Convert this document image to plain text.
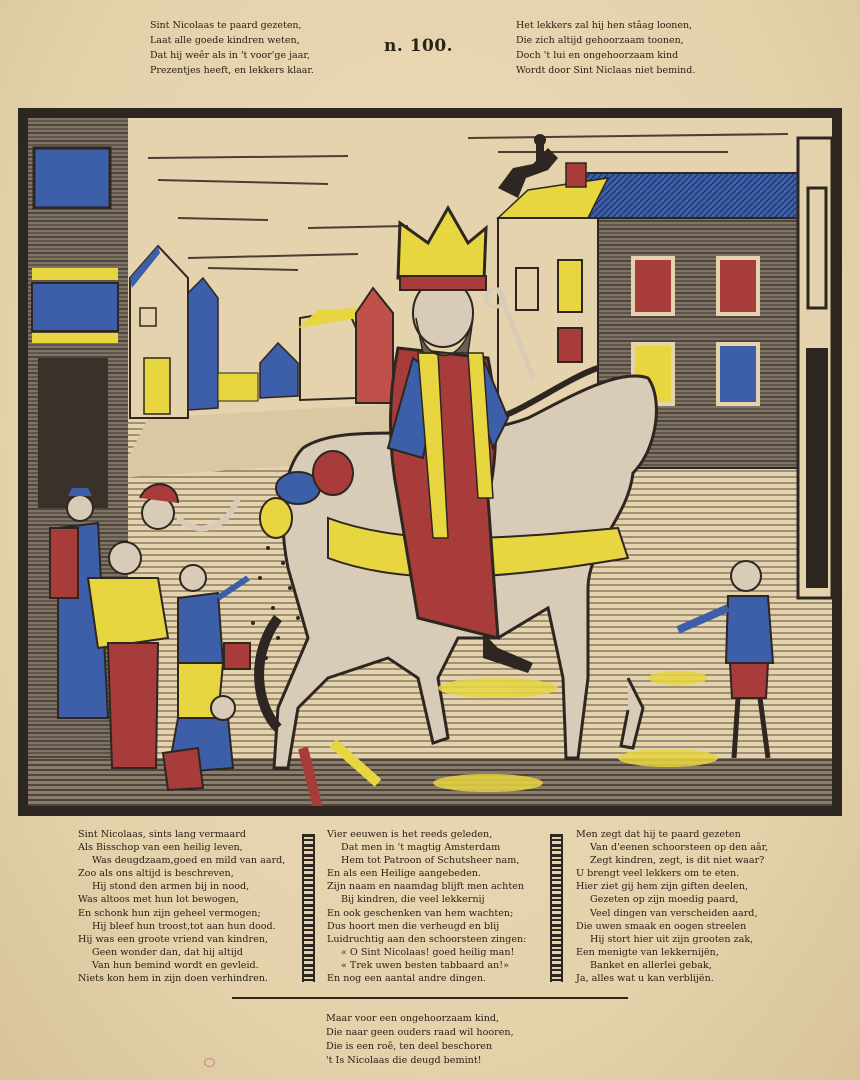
Sint Nicolaas te paard gezeten,
Laat alle goede kindren weten,
Dat hij weêr als in 't voor'ge jaar,
Prezentjes heeft, en lekkers klaar.
n. 100.
Het lekkers zal hij hen stâag loonen,
Die zich altijd gehoorzaam toonen,
Doch 't lui en ongehoorzaam kind
Wordt door Sint Niclaas niet bemind.
Sint Nicolaas, sints lang vermaard
Als Bisschop van een heilig leven,
Was deugdzaam,goed en mild van aard,
Zoo als ons altijd is beschreven,
Hij stond den armen bij in nood,
Was altoos met hun lot bewogen,
En schonk hun zijn geheel vermogen;
Hij bleef hun troost,tot aan hun dood.
Hij was een groote vriend van kindren,
Geen wonder dan, dat hij altijd
Van hun bemind wordt en gevleid.
Niets kon hem in zijn doen verhindren.
Vier eeuwen is het reeds geleden,
Dat men in 't magtig Amsterdam
Hem tot Patroon of Schutsheer nam,
En als een Heilige aangebeden.
Zijn naam en naamdag blijft men achten
Bij kindren, die veel lekkernij
En ook geschenken van hem wachten;
Dus hoort men die verheugd en blij
Luidruchtig aan den schoorsteen zingen:
« O Sint Nicolaas! goed heilig man!
« Trek uwen besten tabbaard an!»
En nog een aantal andre dingen.
Men zegt dat hij te paard gezeten
Van d'eenen schoorsteen op den aâr,
Zegt kindren, zegt, is dit niet waar?
U brengt veel lekkers om te eten.
Hier ziet gij hem zijn giften deelen,
Gezeten op zijn moedig paard,
Veel dingen van verscheiden aard,
Die uwen smaak en oogen streelen
Hij stort hier uit zijn grooten zak,
Een menigte van lekkernijën,
Banket en allerlei gebak,
Ja, alles wat u kan verblijën.
Maar voor een ongehoorzaam kind,
Die naar geen ouders raad wil hooren,
Die is een roê, ten deel beschoren
't Is Nicolaas die deugd bemint!
